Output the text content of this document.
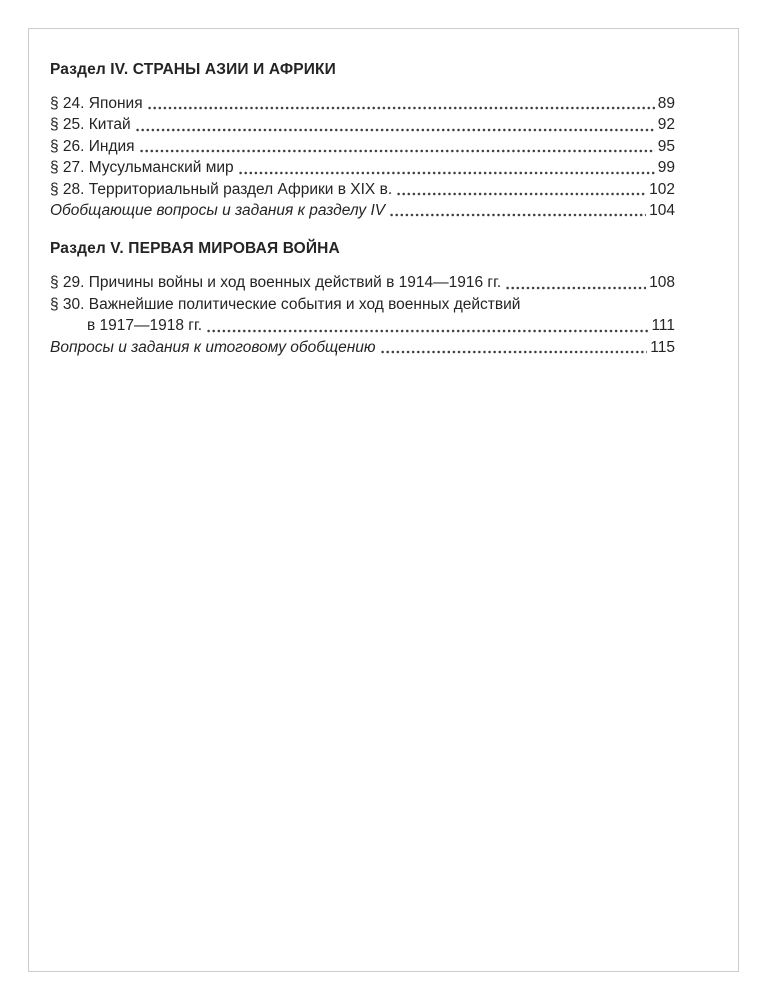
Раздел IV. СТРАНЫ АЗИИ И АФРИКИ
§ 24. Япония	89
§ 25. Китай	92
§ 26. Индия	95
§ 27. Мусульманский мир	99
§ 28. Территориальный раздел Африки в XIX в.	102
Обобщающие вопросы и задания к разделу IV	104
Раздел V. ПЕРВАЯ МИРОВАЯ ВОЙНА
§ 29. Причины войны и ход военных действий в 1914—1916 гг.	108
§ 30. Важнейшие политические события и ход военных действий
в 1917—1918 гг.	111
Вопросы и задания к итоговому обобщению	115
